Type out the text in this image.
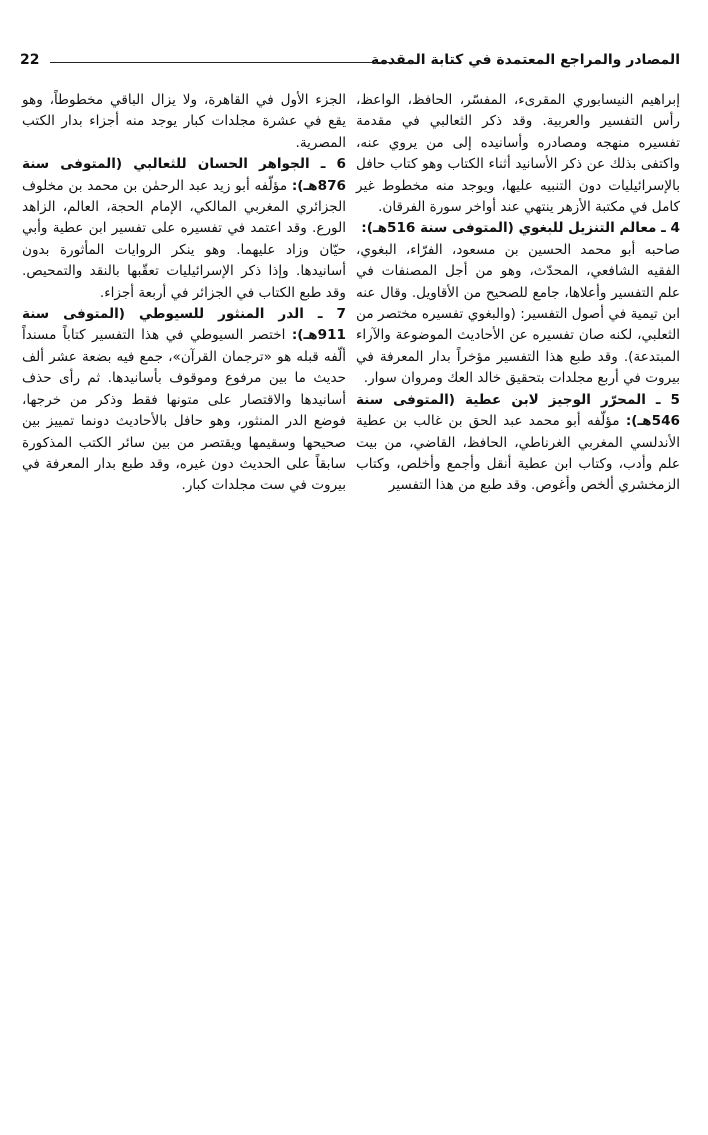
المصادر والمراجع المعتمدة في كتابة المقدمة
22

إبراهيم النيسابوري المقرىء، المفسّر، الحافظ، الواعظ، رأس التفسير والعربية. وقد ذكر الثعالبي في مقدمة تفسيره منهجه ومصادره وأسانيده إلى من يروي عنه، واكتفى بذلك عن ذكر الأسانيد أثناء الكتاب وهو كتاب حافل بالإسرائيليات دون التنبيه عليها، ويوجد منه مخطوط غير كامل في مكتبة الأزهر ينتهي عند أواخر سورة الفرقان.

4 ـ معالم التنزيل للبغوي (المتوفى سنة 516هـ):

صاحبه أبو محمد الحسين بن مسعود، الفرّاء، البغوي، الفقيه الشافعي، المحدّث، وهو من أجل المصنفات في علم التفسير وأعلاها، جامع للصحيح من الأقاويل. وقال عنه ابن تيمية في أصول التفسير: (والبغوي تفسيره مختصر من الثعلبي، لكنه صان تفسيره عن الأحاديث الموضوعة والآراء المبتدعة). وقد طبع هذا التفسير مؤخراً بدار المعرفة في بيروت في أربع مجلدات بتحقيق خالد العك ومروان سوار.

5 ـ المحرّر الوجيز لابن عطية (المتوفى سنة 546هـ): مؤلّفه أبو محمد عبد الحق بن غالب بن عطية الأندلسي المغربي الغرناطي، الحافظ، القاضي، من بيت علم وأدب، وكتاب ابن عطية أنقل وأجمع وأخلص، وكتاب الزمخشري ألخص وأغوص. وقد طبع من هذا التفسير

الجزء الأول في القاهرة، ولا يزال الباقي مخطوطاً، وهو يقع في عشرة مجلدات كبار يوجد منه أجزاء بدار الكتب المصرية.

6 ـ الجواهر الحسان للثعالبي (المتوفى سنة 876هـ): مؤلّفه أبو زيد عبد الرحمٰن بن محمد بن مخلوف الجزائري المغربي المالكي، الإمام الحجة، العالم، الزاهد الورع. وقد اعتمد في تفسيره على تفسير ابن عطية وأبي حيّان وزاد عليهما. وهو ينكر الروايات المأثورة بدون أسانيدها. وإذا ذكر الإسرائيليات تعقّبها بالنقد والتمحيص. وقد طبع الكتاب في الجزائر في أربعة أجزاء.

7 ـ الدر المنثور للسيوطي (المتوفى سنة 911هـ): اختصر السيوطي في هذا التفسير كتاباً مسنداً ألّفه قبله هو «ترجمان القرآن»، جمع فيه بضعة عشر ألف حديث ما بين مرفوع وموقوف بأسانيدها. ثم رأى حذف أسانيدها والاقتصار على متونها فقط وذكر من خرجها، فوضع الدر المنثور، وهو حافل بالأحاديث دونما تمييز بين صحيحها وسقيمها ويقتصر من بين سائر الكتب المذكورة سابقاً على الحديث دون غيره، وقد طبع بدار المعرفة في بيروت في ست مجلدات كبار.
